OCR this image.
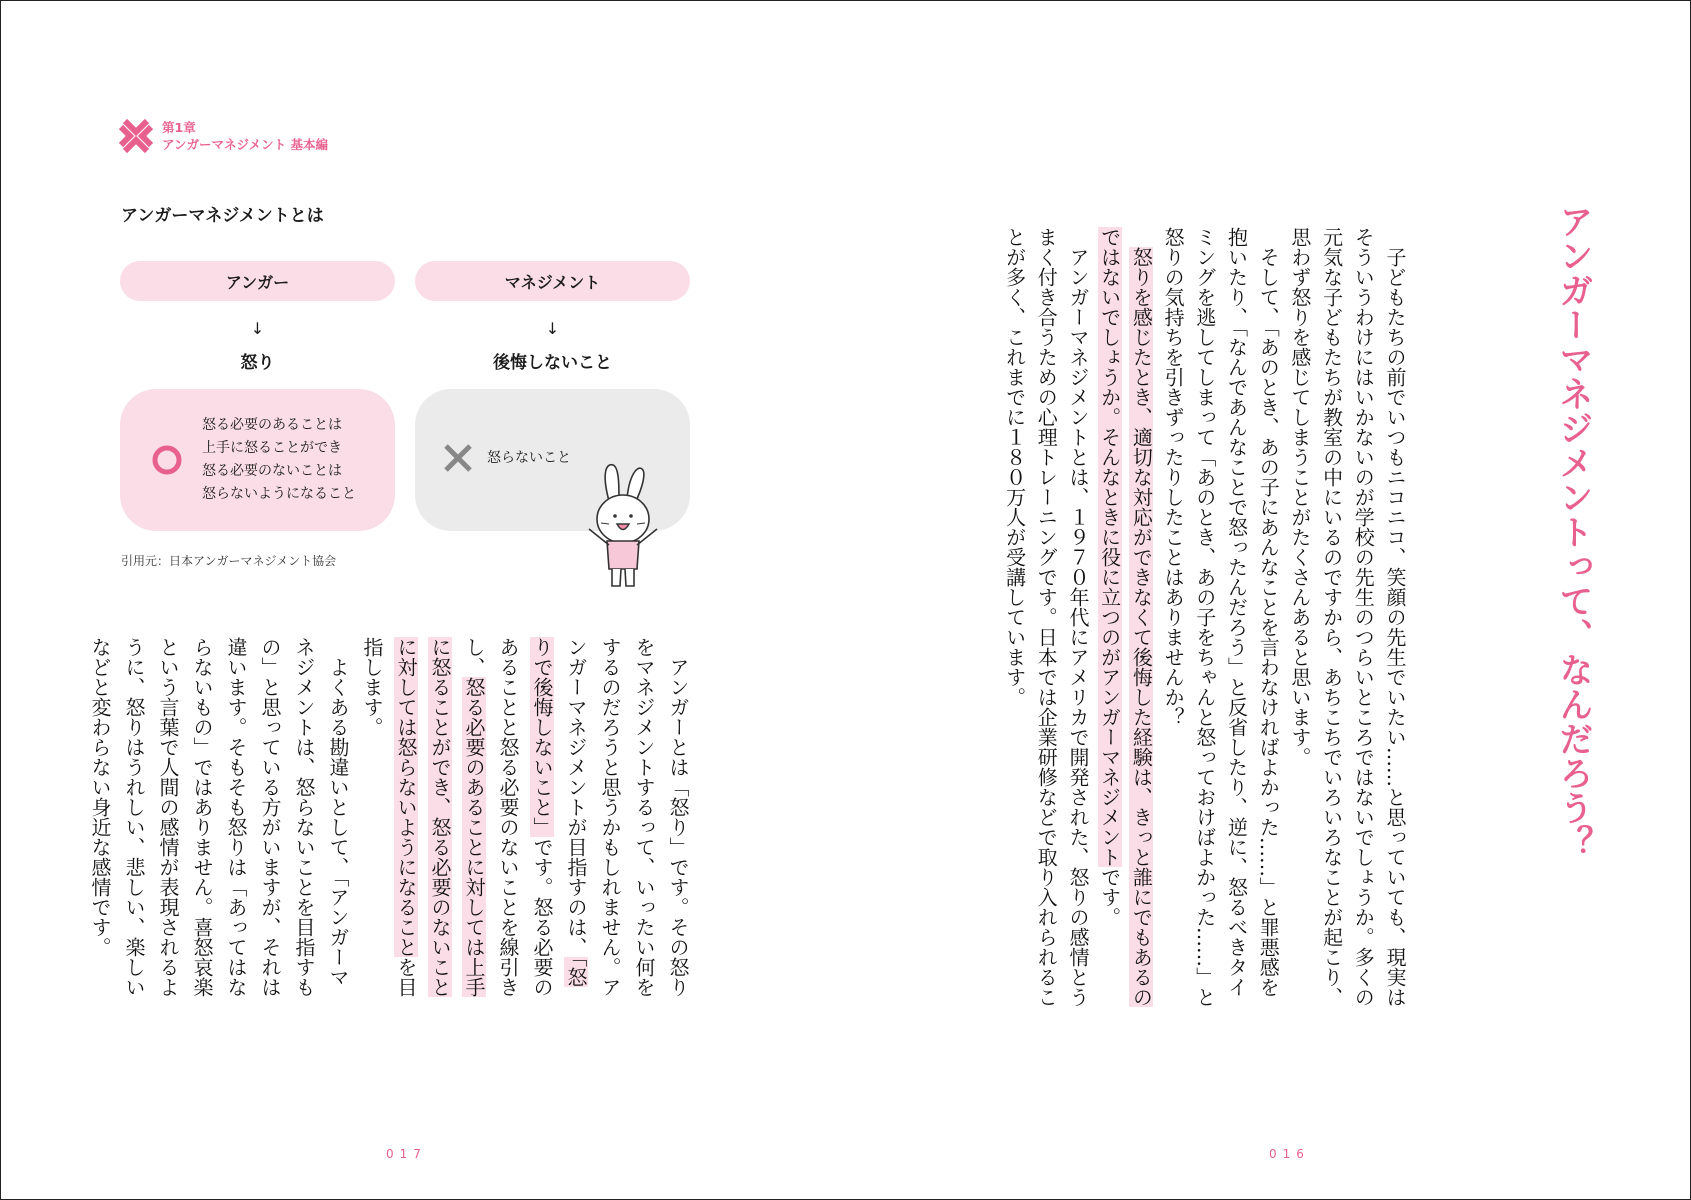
第1章
アンガーマネジメント 基本編
アンガーマネジメントとは
アンガー	マネジメント
↓	↓
怒り	後悔しないこと
怒る必要のあることは
上手に怒ることができ
怒る必要のないことは
怒らないようになること
怒らないこと
引用元：日本アンガーマネジメント協会

アンガーとは「怒り」です。その怒りをマネジメントするって、いったい何をするのだろうと思うかもしれません。アンガーマネジメントが目指すのは、「怒りで後悔しないこと」です。怒る必要のあることと怒る必要のないことを線引きし、怒る必要のあることに対しては上手に怒ることができ、怒る必要のないことに対しては怒らないようになることを目指します。

よくある勘違いとして、「アンガーマネジメントは、怒らないことを目指すもの」と思っている方がいますが、それは違います。そもそも怒りは「あってはならないもの」ではありません。喜怒哀楽という言葉で人間の感情が表現されるように、怒りはうれしい、悲しい、楽しいなどと変わらない身近な感情です。

017
アンガーマネジメントって、なんだろう？

子どもたちの前でいつもニコニコ、笑顔の先生でいたい……と思っていても、現実はそういうわけにはいかないのが学校の先生のつらいところではないでしょうか。多くの元気な子どもたちが教室の中にいるのですから、あちこちでいろいろなことが起こり、思わず怒りを感じてしまうことがたくさんあると思います。

そして、「あのとき、あの子にあんなことを言わなければよかった……」と罪悪感を抱いたり、「なんであんなことで怒ったんだろう」と反省したり、逆に、怒るべきタイミングを逃してしまって「あのとき、あの子をちゃんと怒っておけばよかった……」と怒りの気持ちを引きずったりしたことはありませんか？

怒りを感じたとき、適切な対応ができなくて後悔した経験は、きっと誰にでもあるのではないでしょうか。そんなときに役に立つのがアンガーマネジメントです。

アンガーマネジメントとは、１９７０年代にアメリカで開発された、怒りの感情とうまく付き合うための心理トレーニングです。日本では企業研修などで取り入れられることが多く、これまでに１８０万人が受講しています。

016
